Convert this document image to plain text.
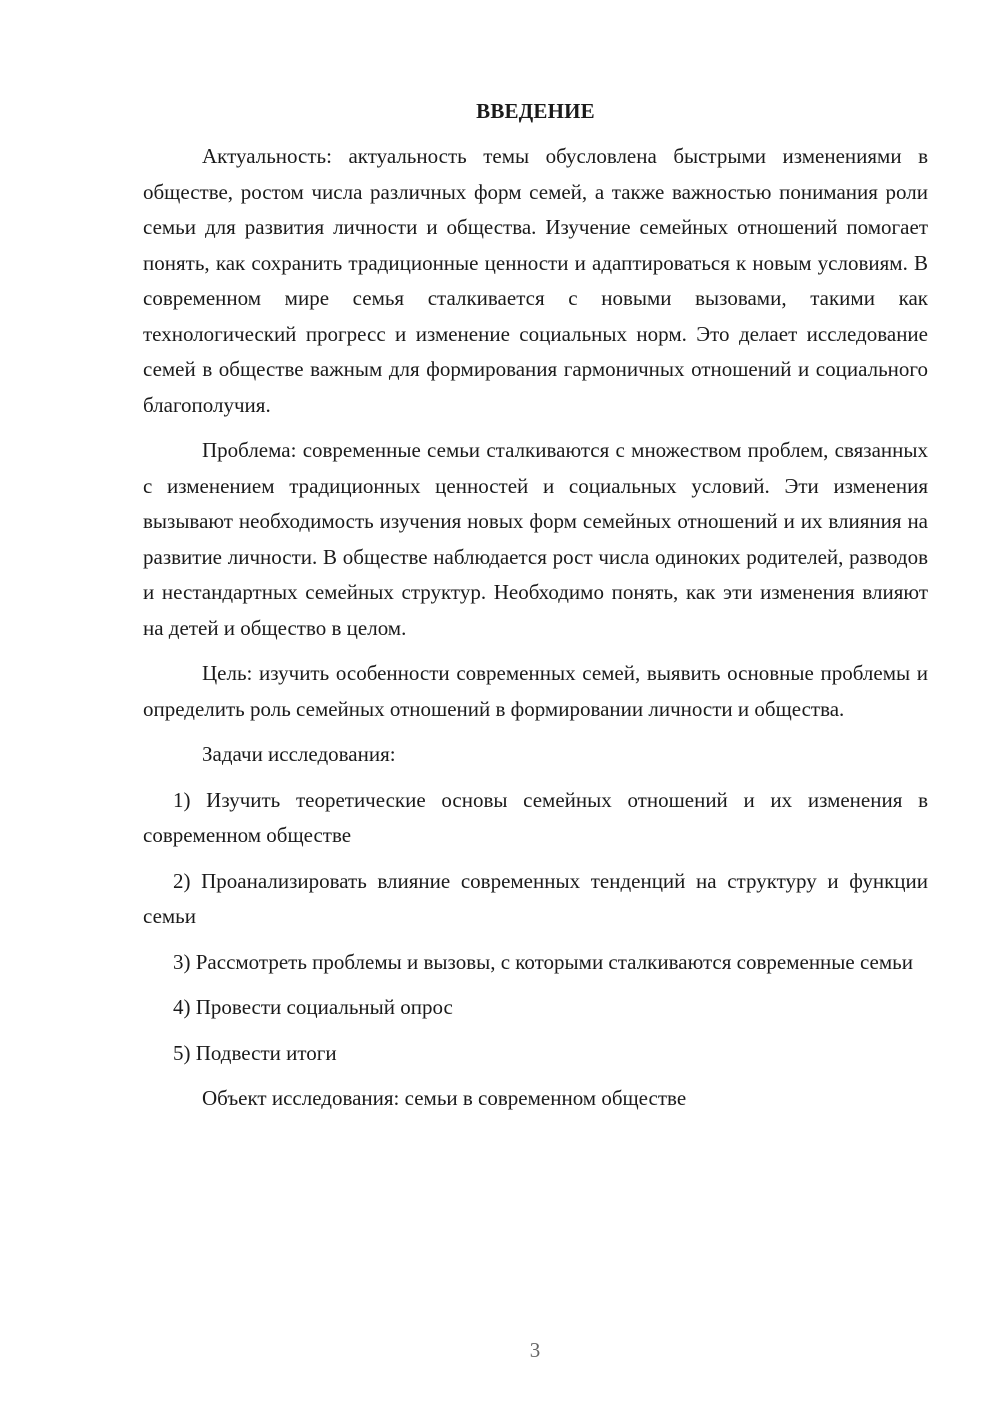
ВВЕДЕНИЕ

Актуальность: актуальность темы обусловлена быстрыми изменениями в обществе, ростом числа различных форм семей, а также важностью понимания роли семьи для развития личности и общества. Изучение семейных отношений помогает понять, как сохранить традиционные ценности и адаптироваться к новым условиям. В современном мире семья сталкивается с новыми вызовами, такими как технологический прогресс и изменение социальных норм. Это делает исследование семей в обществе важным для формирования гармоничных отношений и социального благополучия.

Проблема: современные семьи сталкиваются с множеством проблем, связанных с изменением традиционных ценностей и социальных условий. Эти изменения вызывают необходимость изучения новых форм семейных отношений и их влияния на развитие личности. В обществе наблюдается рост числа одиноких родителей, разводов и нестандартных семейных структур. Необходимо понять, как эти изменения влияют на детей и общество в целом.

Цель: изучить особенности современных семей, выявить основные проблемы и определить роль семейных отношений в формировании личности и общества.

Задачи исследования:

1) Изучить теоретические основы семейных отношений и их изменения в современном обществе

2) Проанализировать влияние современных тенденций на структуру и функции семьи

3) Рассмотреть проблемы и вызовы, с которыми сталкиваются современные семьи

4) Провести социальный опрос

5) Подвести итоги

Объект исследования: семьи в современном обществе

3
